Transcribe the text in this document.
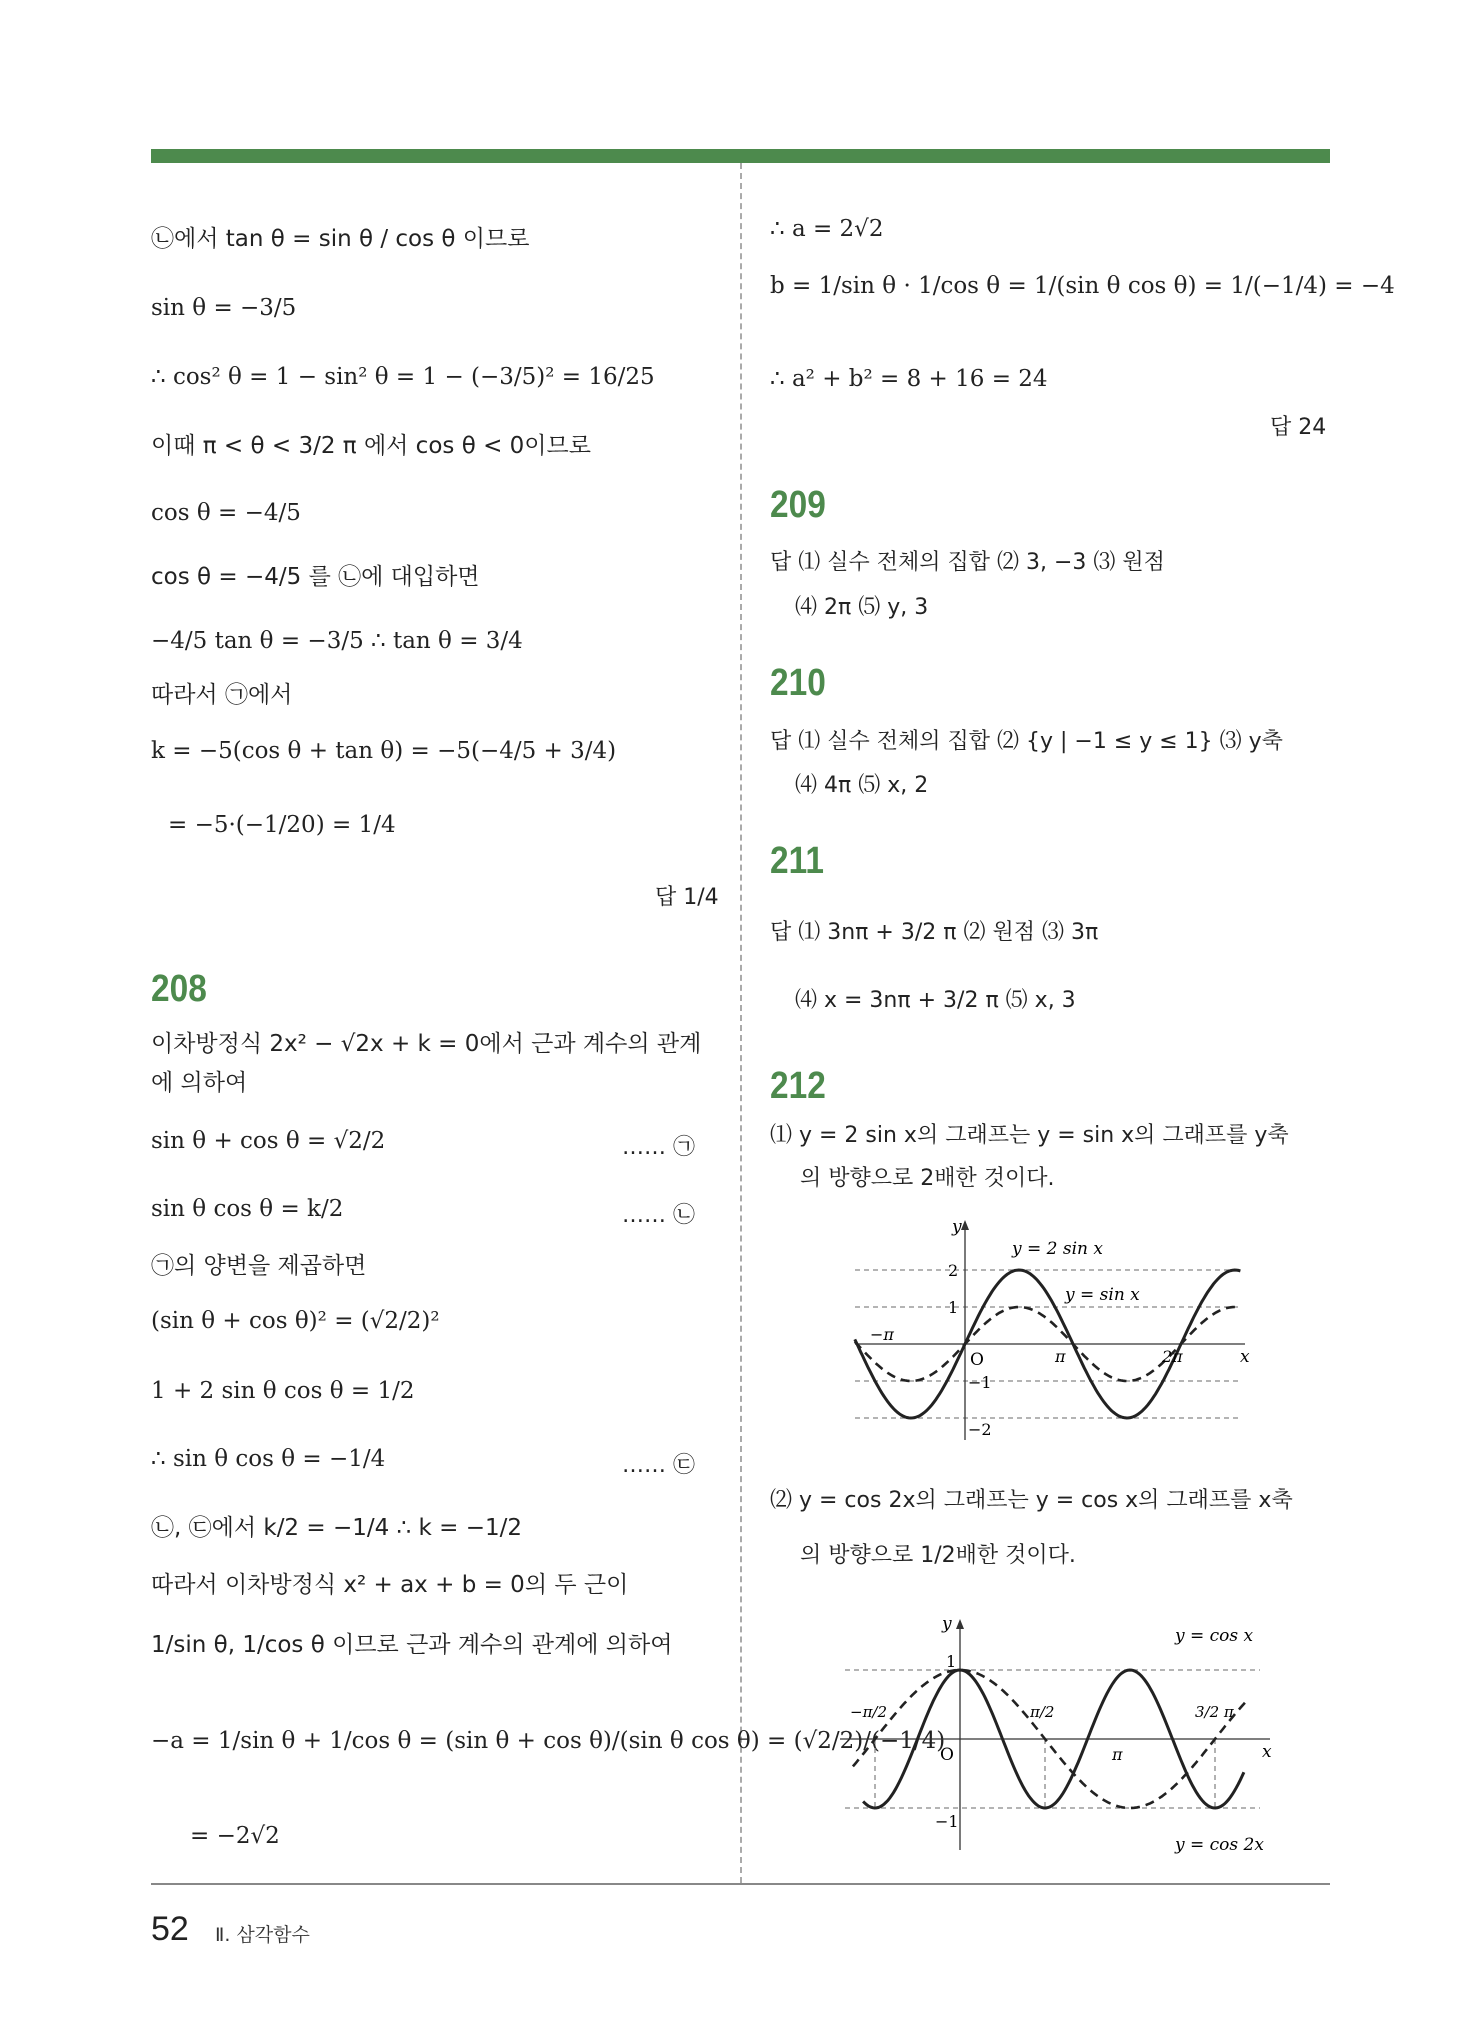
㉡에서 tan θ = sin θ / cos θ 이므로
sin θ = −3/5
∴ cos² θ = 1 − sin² θ = 1 − (−3/5)² = 16/25
이때 π < θ < 3/2 π 에서 cos θ < 0이므로
cos θ = −4/5
cos θ = −4/5 를 ㉡에 대입하면
−4/5 tan θ = −3/5 ∴ tan θ = 3/4
따라서 ㉠에서
k = −5(cos θ + tan θ) = −5(−4/5 + 3/4)
= −5·(−1/20) = 1/4
답 1/4
208
이차방정식 2x² − √2x + k = 0에서 근과 계수의 관계
에 의하여
sin θ + cos θ = √2/2	…… ㉠
sin θ cos θ = k/2	…… ㉡
㉠의 양변을 제곱하면
(sin θ + cos θ)² = (√2/2)²
1 + 2 sin θ cos θ = 1/2
∴ sin θ cos θ = −1/4	…… ㉢
㉡, ㉢에서 k/2 = −1/4 ∴ k = −1/2
따라서 이차방정식 x² + ax + b = 0의 두 근이
1/sin θ, 1/cos θ 이므로 근과 계수의 관계에 의하여
−a = 1/sin θ + 1/cos θ = (sin θ + cos θ)/(sin θ cos θ) = (√2/2)/(−1/4)
= −2√2
∴ a = 2√2
b = 1/sin θ · 1/cos θ = 1/(sin θ cos θ) = 1/(−1/4) = −4
∴ a² + b² = 8 + 16 = 24
답 24
209
답 ⑴ 실수 전체의 집합 ⑵ 3, −3 ⑶ 원점
⑷ 2π ⑸ y, 3
210
답 ⑴ 실수 전체의 집합 ⑵ {y | −1 ≤ y ≤ 1} ⑶ y축
⑷ 4π ⑸ x, 2
211
답 ⑴ 3nπ + 3/2 π ⑵ 원점 ⑶ 3π
⑷ x = 3nπ + 3/2 π ⑸ x, 3
212
⑴ y = 2 sin x의 그래프는 y = sin x의 그래프를 y축
의 방향으로 2배한 것이다.
y
x
O
2
1
−1
−2
−π
π	2π
y = 2 sin x
y = sin x
⑵ y = cos 2x의 그래프는 y = cos x의 그래프를 x축
의 방향으로 1/2배한 것이다.
y
x
O
1
−1
−π/2	π/2
π
3/2 π
y = cos x
y = cos 2x
52 Ⅱ. 삼각함수
